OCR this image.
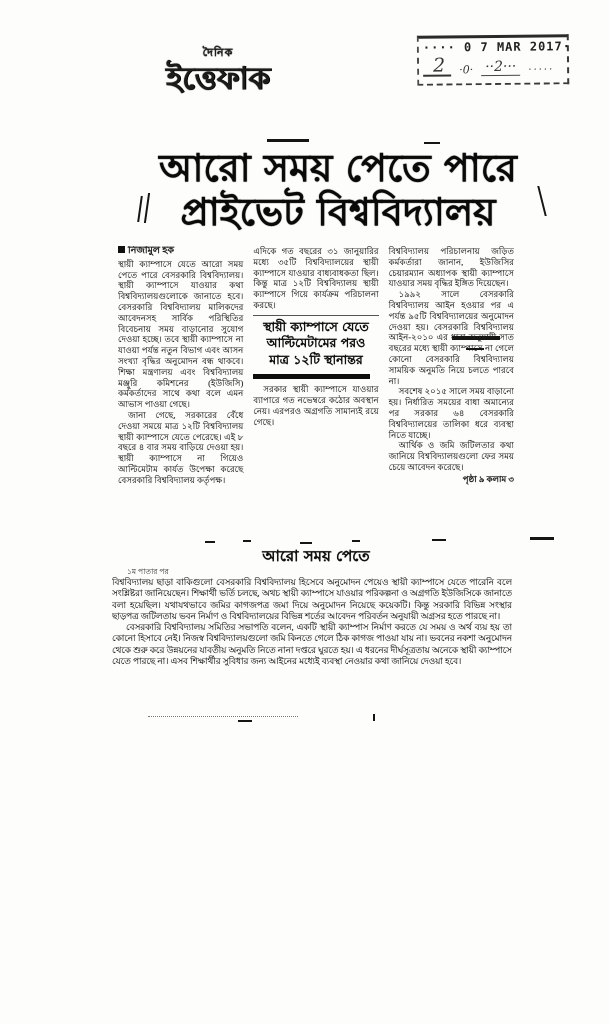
দৈনিক
ইত্তেফাক
···· 0 7 MAR 2017·
2	·0· ··2···	·····
আরো সময় পেতে পারে
প্রাইভেট বিশ্ববিদ্যালয়
নিজামুল হক

স্থায়ী ক্যাম্পাসে যেতে আরো সময় পেতে পারে বেসরকারি বিশ্ববিদ্যালয়। স্থায়ী ক্যাম্পাসে যাওয়ার কথা বিশ্ববিদ্যালয়গুলোকে জানাতে হবে। বেসরকারি বিশ্ববিদ্যালয় মালিকদের আবেদনসহ সার্বিক পরিস্থিতির বিবেচনায় সময় বাড়ানোর সুযোগ দেওয়া হচ্ছে। তবে স্থায়ী ক্যাম্পাসে না যাওয়া পর্যন্ত নতুন বিভাগ এবং আসন সংখ্যা বৃদ্ধির অনুমোদন বন্ধ থাকবে। শিক্ষা মন্ত্রণালয় এবং বিশ্ববিদ্যালয় মঞ্জুরি কমিশনের (ইউজিসি) কর্মকর্তাদের সাথে কথা বলে এমন আভাস পাওয়া গেছে।

জানা গেছে, সরকারের বেঁধে দেওয়া সময়ে মাত্র ১২টি বিশ্ববিদ্যালয় স্থায়ী ক্যাম্পাসে যেতে পেরেছে। এই ৮ বছরে ৪ বার সময় বাড়িয়ে দেওয়া হয়। স্থায়ী ক্যাম্পাসে না গিয়েও আল্টিমেটাম কার্যত উপেক্ষা করেছে বেসরকারি বিশ্ববিদ্যালয় কর্তৃপক্ষ।

এদিকে গত বছরের ৩১ জানুয়ারির মধ্যে ৩৫টি বিশ্ববিদ্যালয়ের স্থায়ী ক্যাম্পাসে যাওয়ার বাধ্যবাধকতা ছিল। কিন্তু মাত্র ১২টি বিশ্ববিদ্যালয় স্থায়ী ক্যাম্পাসে গিয়ে কার্যক্রম পরিচালনা করছে।

স্থায়ী ক্যাম্পাসে যেতে
আল্টিমেটামের পরও
মাত্র ১২টি স্থানান্তর

সরকার স্থায়ী ক্যাম্পাসে যাওয়ার ব্যাপারে গত নভেম্বরে কঠোর অবস্থান নেয়। এরপরও অগ্রগতি সামান্যই রয়ে গেছে।

বিশ্ববিদ্যালয় পরিচালনায় জড়িত কর্মকর্তারা জানান, ইউজিসির চেয়ারম্যান অধ্যাপক স্থায়ী ক্যাম্পাসে যাওয়ার সময় বৃদ্ধির ইঙ্গিত দিয়েছেন।

১৯৯২ সালে বেসরকারি বিশ্ববিদ্যালয় আইন হওয়ার পর এ পর্যন্ত ৯৫টি বিশ্ববিদ্যালয়ের অনুমোদন দেওয়া হয়। বেসরকারি বিশ্ববিদ্যালয় আইন-২০১০ এর ধারা অনুযায়ী সাত বছরের মধ্যে স্থায়ী ক্যাম্পাসে না গেলে কোনো বেসরকারি বিশ্ববিদ্যালয় সাময়িক অনুমতি নিয়ে চলতে পারবে না।

সবশেষ ২০১৫ সালে সময় বাড়ানো হয়। নির্ধারিত সময়ের বাধা অমান্যের পর সরকার ৬৪ বেসরকারি বিশ্ববিদ্যালয়ের তালিকা ধরে ব্যবস্থা নিতে যাচ্ছে।

আর্থিক ও জমি জটিলতার কথা জানিয়ে বিশ্ববিদ্যালয়গুলো ফের সময় চেয়ে আবেদন করেছে।

পৃষ্ঠা ৯ কলাম ৩
আরো সময় পেতে
১ম পাতার পর

বিশ্ববিদ্যালয় ছাড়া বাকিগুলো বেসরকারি বিশ্ববিদ্যালয় হিসেবে অনুমোদন পেয়েও স্থায়ী ক্যাম্পাসে যেতে পারেনি বলে সংশ্লিষ্টরা জানিয়েছেন। শিক্ষার্থী ভর্তি চলছে, অথচ স্থায়ী ক্যাম্পাসে যাওয়ার পরিকল্পনা ও অগ্রগতি ইউজিসিকে জানাতে বলা হয়েছিল। যথাযথভাবে জমির কাগজপত্র জমা দিয়ে অনুমোদন নিয়েছে কয়েকটি। কিন্তু সরকারি বিভিন্ন সংস্থার ছাড়পত্র জটিলতায় ভবন নির্মাণ ও বিশ্ববিদ্যালয়ের বিভিন্ন শর্তের আবেদন পরিবর্তন অনুযায়ী অগ্রসর হতে পারছে না।

বেসরকারি বিশ্ববিদ্যালয় সমিতির সভাপতি বলেন, একটি স্থায়ী ক্যাম্পাস নির্মাণ করতে যে সময় ও অর্থ ব্যয় হয় তা কোনো হিসাবে নেই। নিজস্ব বিশ্ববিদ্যালয়গুলো জমি কিনতে গেলে ঠিক কাগজ পাওয়া যায় না। ভবনের নকশা অনুমোদন থেকে শুরু করে উন্নয়নের যাবতীয় অনুমতি নিতে নানা দপ্তরে ঘুরতে হয়। এ ধরনের দীর্ঘসূত্রতায় অনেকে স্থায়ী ক্যাম্পাসে যেতে পারছে না। এসব শিক্ষার্থীর সুবিধার জন্য আইনের মধ্যেই ব্যবস্থা নেওয়ার কথা জানিয়ে দেওয়া হবে।
